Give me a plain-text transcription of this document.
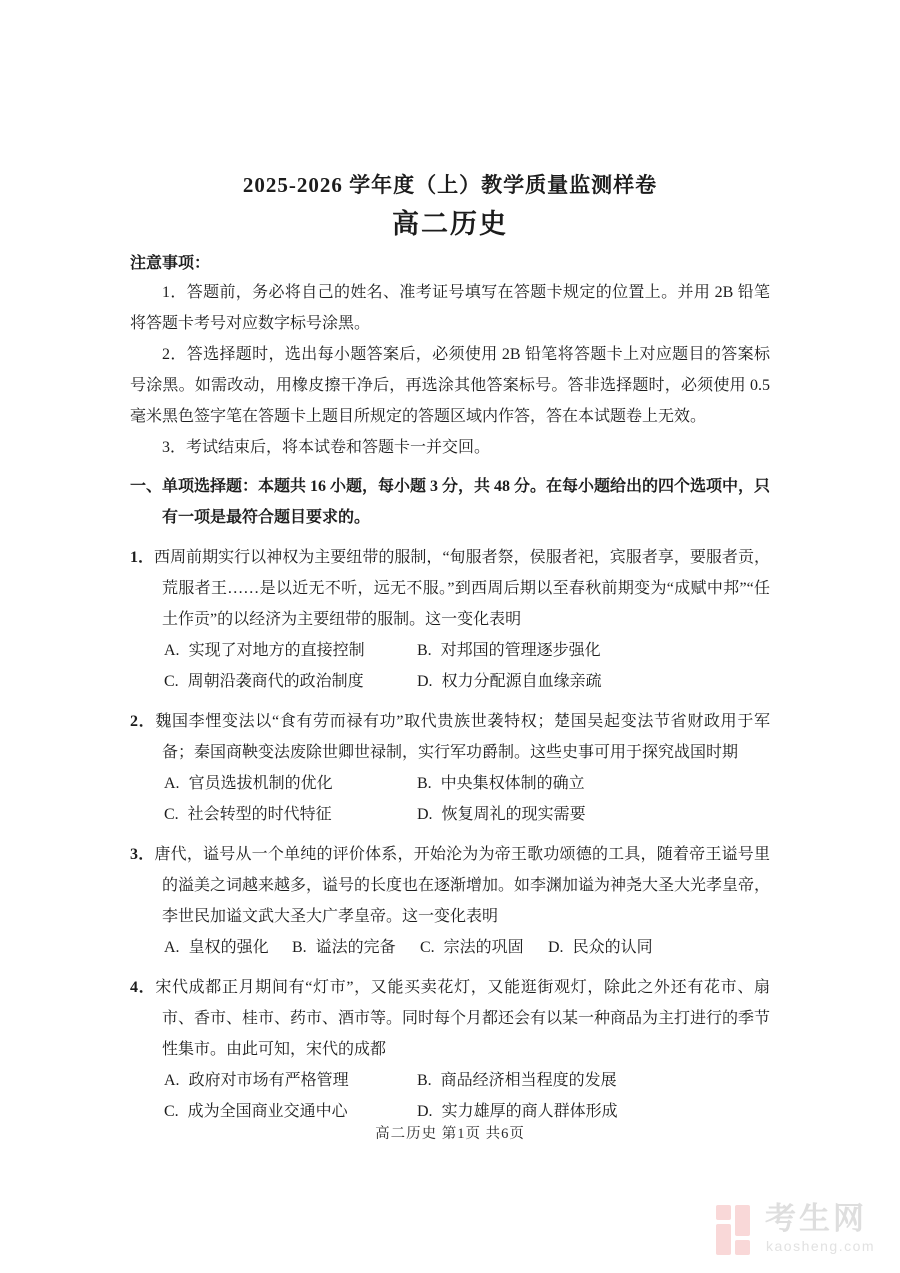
2025-2026 学年度（上）教学质量监测样卷
高二历史
注意事项：

1．答题前，务必将自己的姓名、准考证号填写在答题卡规定的位置上。并用 2B 铅笔将答题卡考号对应数字标号涂黑。

2．答选择题时，选出每小题答案后，必须使用 2B 铅笔将答题卡上对应题目的答案标号涂黑。如需改动，用橡皮擦干净后，再选涂其他答案标号。答非选择题时，必须使用 0.5 毫米黑色签字笔在答题卡上题目所规定的答题区域内作答，答在本试题卷上无效。

3．考试结束后，将本试卷和答题卡一并交回。

一、单项选择题：本题共 16 小题，每小题 3 分，共 48 分。在每小题给出的四个选项中，只有一项是最符合题目要求的。

1．西周前期实行以神权为主要纽带的服制，“甸服者祭，侯服者祀，宾服者享，要服者贡，荒服者王……是以近无不听，远无不服。”到西周后期以至春秋前期变为“成赋中邦”“任土作贡”的以经济为主要纽带的服制。这一变化表明

A. 实现了对地方的直接控制	B. 对邦国的管理逐步强化
C. 周朝沿袭商代的政治制度	D. 权力分配源自血缘亲疏

2．魏国李悝变法以“食有劳而禄有功”取代贵族世袭特权；楚国吴起变法节省财政用于军备；秦国商鞅变法废除世卿世禄制，实行军功爵制。这些史事可用于探究战国时期

A. 官员选拔机制的优化	B. 中央集权体制的确立
C. 社会转型的时代特征	D. 恢复周礼的现实需要

3．唐代，谥号从一个单纯的评价体系，开始沦为为帝王歌功颂德的工具，随着帝王谥号里的溢美之词越来越多，谥号的长度也在逐渐增加。如李渊加谥为神尧大圣大光孝皇帝，李世民加谥文武大圣大广孝皇帝。这一变化表明

A. 皇权的强化	B. 谥法的完备	C. 宗法的巩固	D. 民众的认同

4．宋代成都正月期间有“灯市”，又能买卖花灯，又能逛街观灯，除此之外还有花市、扇市、香市、桂市、药市、酒市等。同时每个月都还会有以某一种商品为主打进行的季节性集市。由此可知，宋代的成都

A. 政府对市场有严格管理	B. 商品经济相当程度的发展
C. 成为全国商业交通中心	D. 实力雄厚的商人群体形成
高二历史 第1页 共6页
考生网
kaosheng.com
